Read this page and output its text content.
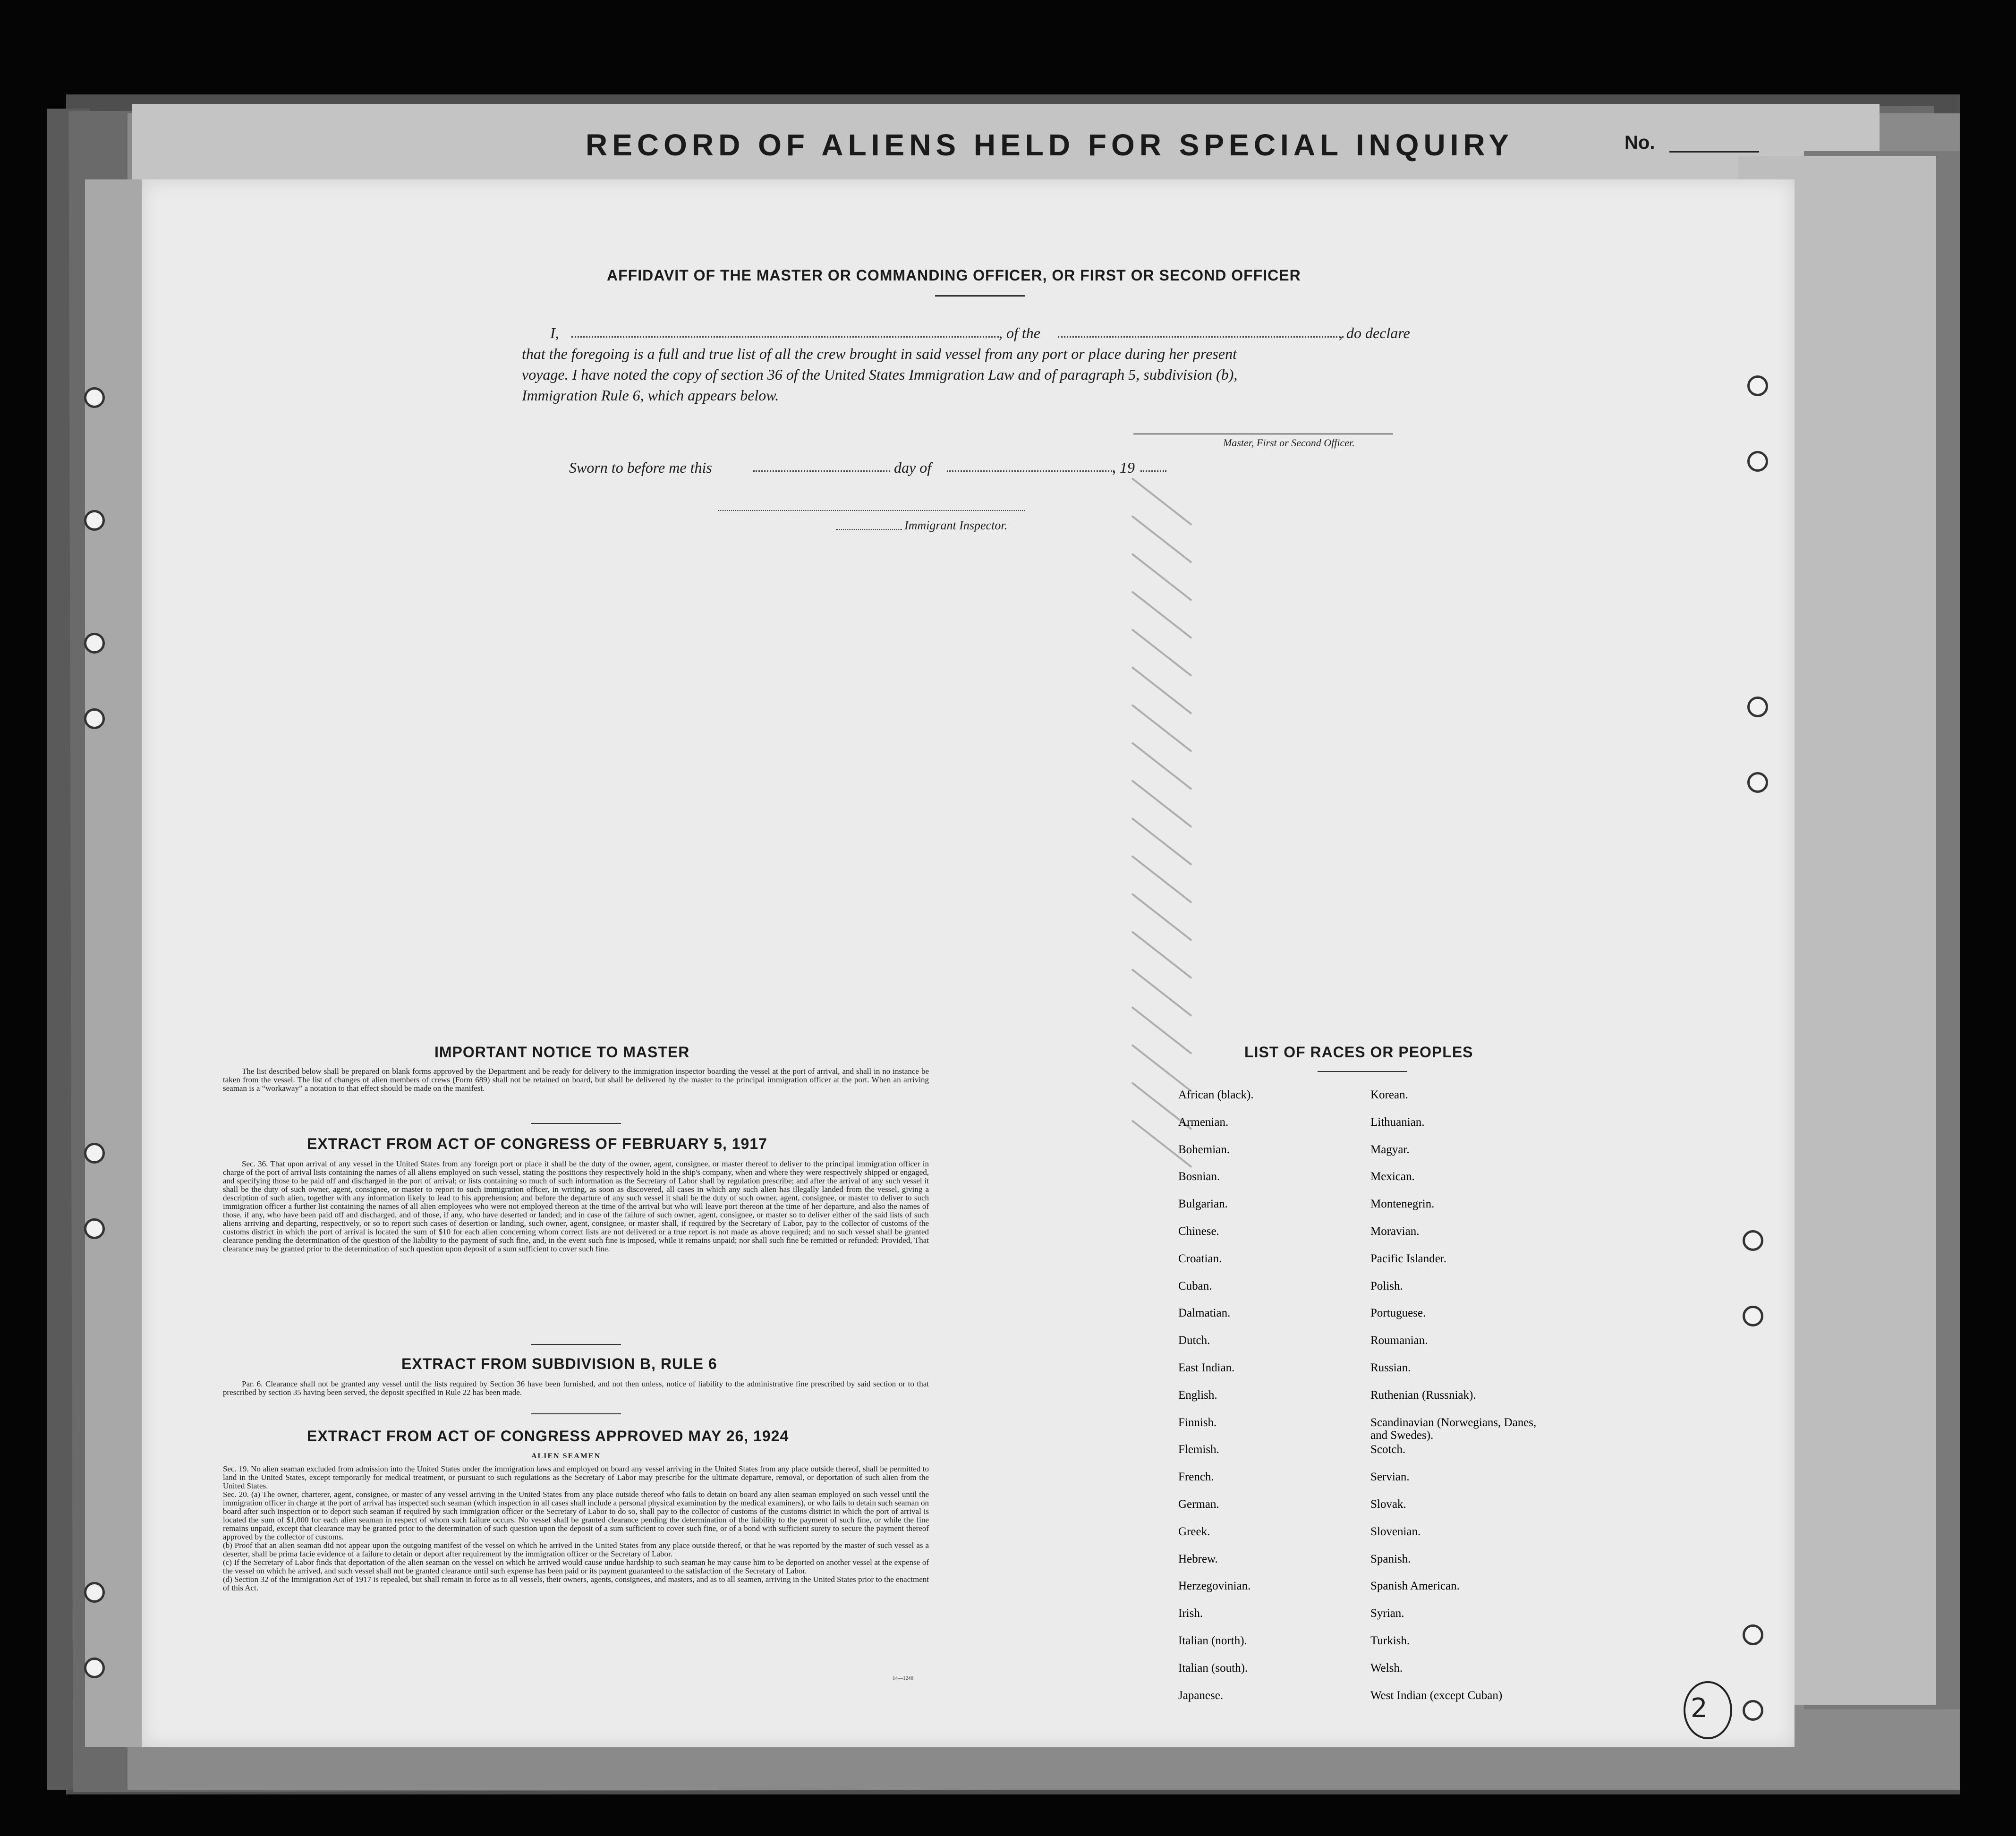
RECORD OF ALIENS HELD FOR SPECIAL INQUIRY	No.
AFFIDAVIT OF THE MASTER OR COMMANDING OFFICER, OR FIRST OR SECOND OFFICER
I,	, of the	, do declare
that the foregoing is a full and true list of all the crew brought in said vessel from any port or place during her present
voyage. I have noted the copy of section 36 of the United States Immigration Law and of paragraph 5, subdivision (b),
Immigration Rule 6, which appears below.
Master, First or Second Officer.
Sworn to before me this	day of	, 19
Immigrant Inspector.
IMPORTANT NOTICE TO MASTER
The list described below shall be prepared on blank forms approved by the Department and be ready for delivery to the immigration inspector boarding the vessel at the port of arrival, and shall in no instance be taken from the vessel. The list of changes of alien members of crews (Form 689) shall not be retained on board, but shall be delivered by the master to the principal immigration officer at the port. When an arriving seaman is a “workaway” a notation to that effect should be made on the manifest.
EXTRACT FROM ACT OF CONGRESS OF FEBRUARY 5, 1917
Sec. 36. That upon arrival of any vessel in the United States from any foreign port or place it shall be the duty of the owner, agent, consignee, or master thereof to deliver to the principal immigration officer in charge of the port of arrival lists containing the names of all aliens employed on such vessel, stating the positions they respectively hold in the ship's company, when and where they were respectively shipped or engaged, and specifying those to be paid off and discharged in the port of arrival; or lists containing so much of such information as the Secretary of Labor shall by regulation prescribe; and after the arrival of any such vessel it shall be the duty of such owner, agent, consignee, or master to report to such immigration officer, in writing, as soon as discovered, all cases in which any such alien has illegally landed from the vessel, giving a description of such alien, together with any information likely to lead to his apprehension; and before the departure of any such vessel it shall be the duty of such owner, agent, consignee, or master to deliver to such immigration officer a further list containing the names of all alien employees who were not employed thereon at the time of the arrival but who will leave port thereon at the time of her departure, and also the names of those, if any, who have been paid off and discharged, and of those, if any, who have deserted or landed; and in case of the failure of such owner, agent, consignee, or master so to deliver either of the said lists of such aliens arriving and departing, respectively, or so to report such cases of desertion or landing, such owner, agent, consignee, or master shall, if required by the Secretary of Labor, pay to the collector of customs of the customs district in which the port of arrival is located the sum of $10 for each alien concerning whom correct lists are not delivered or a true report is not made as above required; and no such vessel shall be granted clearance pending the determination of the question of the liability to the payment of such fine, and, in the event such fine is imposed, while it remains unpaid; nor shall such fine be remitted or refunded: Provided, That clearance may be granted prior to the determination of such question upon deposit of a sum sufficient to cover such fine.
EXTRACT FROM SUBDIVISION B, RULE 6
Par. 6. Clearance shall not be granted any vessel until the lists required by Section 36 have been furnished, and not then unless, notice of liability to the administrative fine prescribed by said section or to that prescribed by section 35 having been served, the deposit specified in Rule 22 has been made.
EXTRACT FROM ACT OF CONGRESS APPROVED MAY 26, 1924
ALIEN SEAMEN
Sec. 19. No alien seaman excluded from admission into the United States under the immigration laws and employed on board any vessel arriving in the United States from any place outside thereof, shall be permitted to land in the United States, except temporarily for medical treatment, or pursuant to such regulations as the Secretary of Labor may prescribe for the ultimate departure, removal, or deportation of such alien from the United States.
Sec. 20. (a) The owner, charterer, agent, consignee, or master of any vessel arriving in the United States from any place outside thereof who fails to detain on board any alien seaman employed on such vessel until the immigration officer in charge at the port of arrival has inspected such seaman (which inspection in all cases shall include a personal physical examination by the medical examiners), or who fails to detain such seaman on board after such inspection or to deport such seaman if required by such immigration officer or the Secretary of Labor to do so, shall pay to the collector of customs of the customs district in which the port of arrival is located the sum of $1,000 for each alien seaman in respect of whom such failure occurs. No vessel shall be granted clearance pending the determination of the liability to the payment of such fine, or while the fine remains unpaid, except that clearance may be granted prior to the determination of such question upon the deposit of a sum sufficient to cover such fine, or of a bond with sufficient surety to secure the payment thereof approved by the collector of customs.
(b) Proof that an alien seaman did not appear upon the outgoing manifest of the vessel on which he arrived in the United States from any place outside thereof, or that he was reported by the master of such vessel as a deserter, shall be prima facie evidence of a failure to detain or deport after requirement by the immigration officer or the Secretary of Labor.
(c) If the Secretary of Labor finds that deportation of the alien seaman on the vessel on which he arrived would cause undue hardship to such seaman he may cause him to be deported on another vessel at the expense of the vessel on which he arrived, and such vessel shall not be granted clearance until such expense has been paid or its payment guaranteed to the satisfaction of the Secretary of Labor.
(d) Section 32 of the Immigration Act of 1917 is repealed, but shall remain in force as to all vessels, their owners, agents, consignees, and masters, and as to all seamen, arriving in the United States prior to the enactment of this Act.
14—1240
LIST OF RACES OR PEOPLES
African (black).
Armenian.
Bohemian.
Bosnian.
Bulgarian.
Chinese.
Croatian.
Cuban.
Dalmatian.
Dutch.
East Indian.
English.
Finnish.
Flemish.
French.
German.
Greek.
Hebrew.
Herzegovinian.
Irish.
Italian (north).
Italian (south).
Japanese.
Korean.
Lithuanian.
Magyar.
Mexican.
Montenegrin.
Moravian.
Pacific Islander.
Polish.
Portuguese.
Roumanian.
Russian.
Ruthenian (Russniak).
Scandinavian (Norwegians, Danes, and Swedes).
Scotch.
Servian.
Slovak.
Slovenian.
Spanish.
Spanish American.
Syrian.
Turkish.
Welsh.
West Indian (except Cuban)	2
